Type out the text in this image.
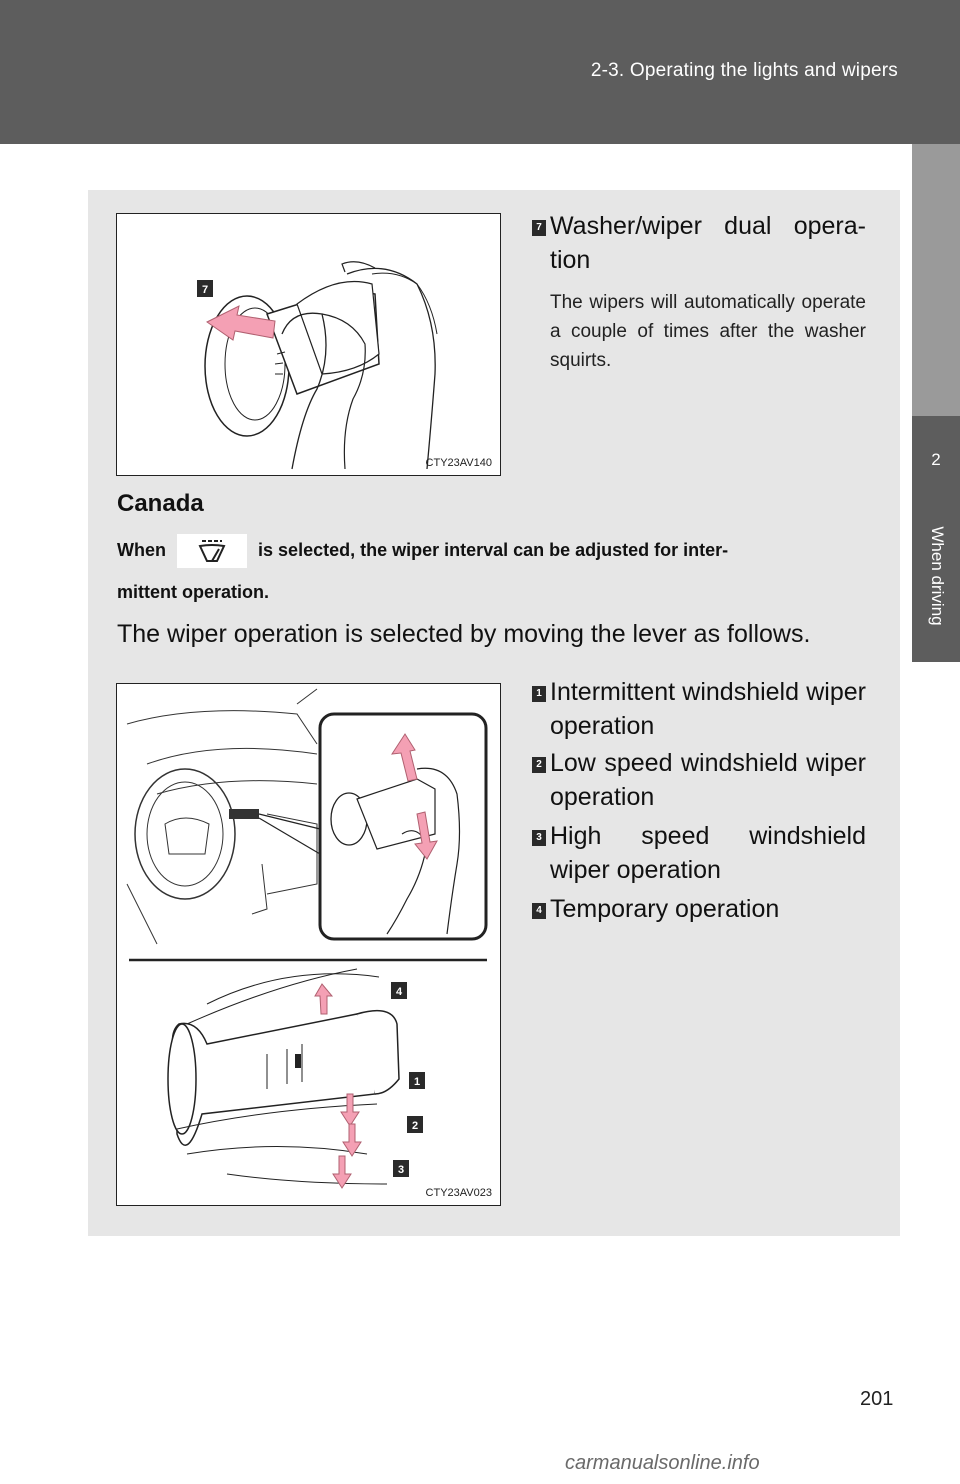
2-3. Operating the lights and wipers
2
When driving
7
CTY23AV140
7 Washer/wiper dual opera- tion
The wipers will automatically operate a couple of times after the washer squirts.
Canada
When	is selected, the wiper interval can be adjusted for inter-
mittent operation.
The wiper operation is selected by moving the lever as follows.
4
1
2
3
CTY23AV023
1 Intermittent windshield wiper operation
2 Low speed windshield wiper operation
3 High speed windshield wiper operation
4 Temporary operation
201
carmanualsonline.info
